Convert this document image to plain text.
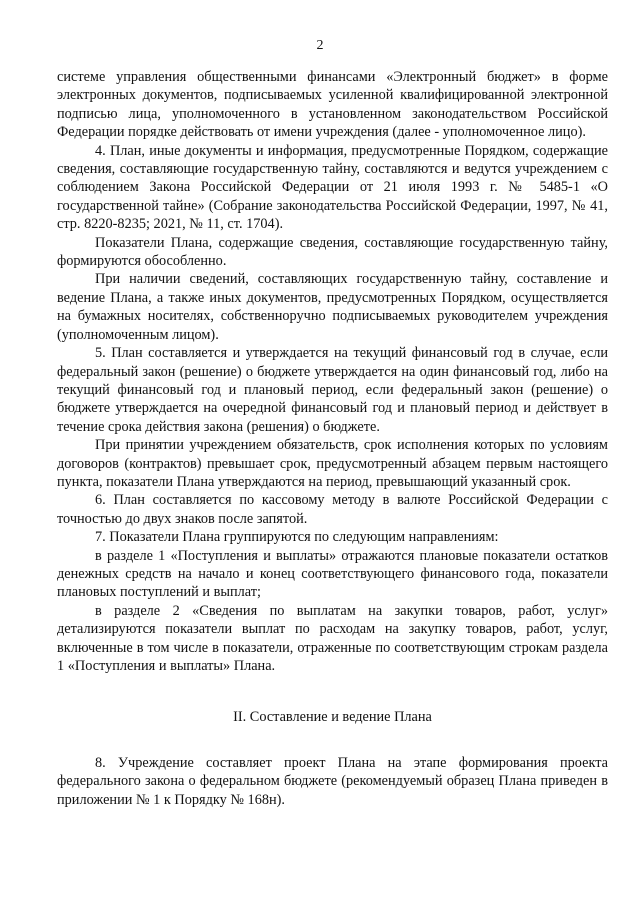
2

системе управления общественными финансами «Электронный бюджет» в форме электронных документов, подписываемых усиленной квалифицированной электронной подписью лица, уполномоченного в установленном законодательством Российской Федерации порядке действовать от имени учреждения (далее - уполномоченное лицо).

4. План, иные документы и информация, предусмотренные Порядком, содержащие сведения, составляющие государственную тайну, составляются и ведутся учреждением с соблюдением Закона Российской Федерации от 21 июля 1993 г. № 5485-1 «О государственной тайне» (Собрание законодательства Российской Федерации, 1997, № 41, стр. 8220-8235; 2021, № 11, ст. 1704).

Показатели Плана, содержащие сведения, составляющие государственную тайну, формируются обособленно.

При наличии сведений, составляющих государственную тайну, составление и ведение Плана, а также иных документов, предусмотренных Порядком, осуществляется на бумажных носителях, собственноручно подписываемых руководителем учреждения (уполномоченным лицом).

5. План составляется и утверждается на текущий финансовый год в случае, если федеральный закон (решение) о бюджете утверждается на один финансовый год, либо на текущий финансовый год и плановый период, если федеральный закон (решение) о бюджете утверждается на очередной финансовый год и плановый период и действует в течение срока действия закона (решения) о бюджете.

При принятии учреждением обязательств, срок исполнения которых по условиям договоров (контрактов) превышает срок, предусмотренный абзацем первым настоящего пункта, показатели Плана утверждаются на период, превышающий указанный срок.

6. План составляется по кассовому методу в валюте Российской Федерации с точностью до двух знаков после запятой.

7. Показатели Плана группируются по следующим направлениям:

в разделе 1 «Поступления и выплаты» отражаются плановые показатели остатков денежных средств на начало и конец соответствующего финансового года, показатели плановых поступлений и выплат;

в разделе 2 «Сведения по выплатам на закупки товаров, работ, услуг» детализируются показатели выплат по расходам на закупку товаров, работ, услуг, включенные в том числе в показатели, отраженные по соответствующим строкам раздела 1 «Поступления и выплаты» Плана.

II. Составление и ведение Плана

8. Учреждение составляет проект Плана на этапе формирования проекта федерального закона о федеральном бюджете (рекомендуемый образец Плана приведен в приложении № 1 к Порядку № 168н).
